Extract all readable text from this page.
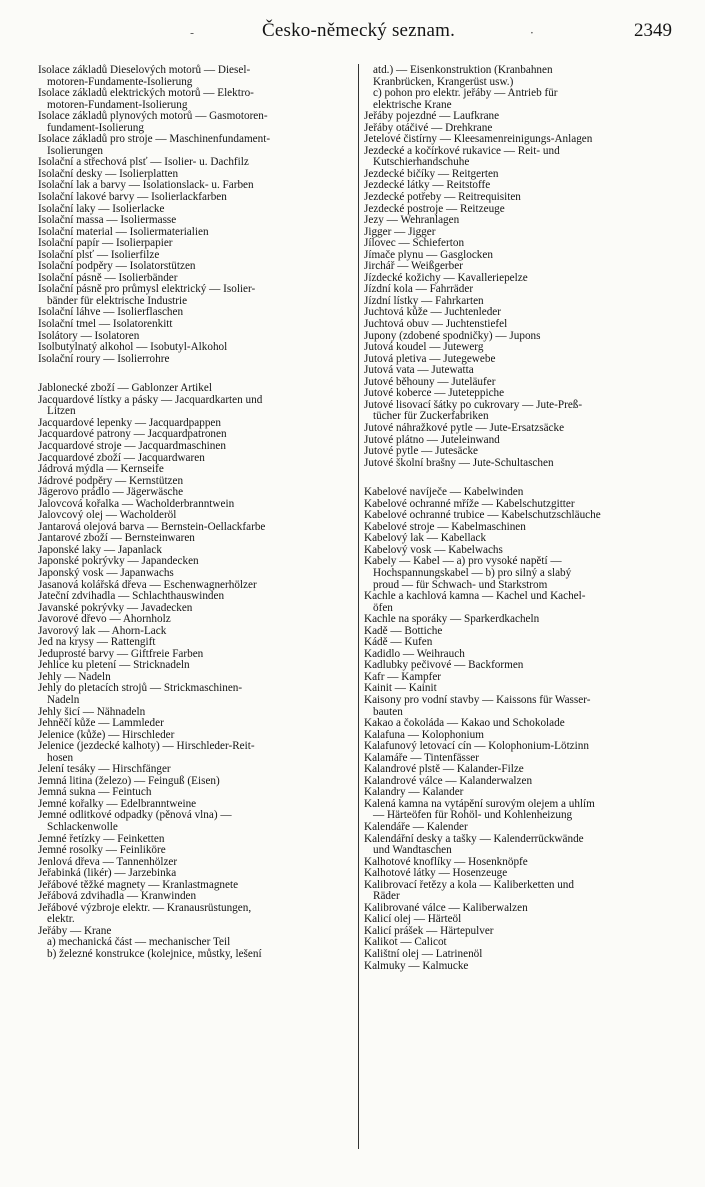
-	Česko-německý seznam.	·	2349
Isolace základů Dieselových motorů — Diesel-
motoren-Fundamente-Isolierung
Isolace základů elektrických motorů — Elektro-
motoren-Fundament-Isolierung
Isolace základů plynových motorů — Gasmotoren-
fundament-Isolierung
Isolace základů pro stroje — Maschinenfundament-
Isolierungen
Isolační a střechová plsť — Isolier- u. Dachfilz
Isolační desky — Isolierplatten
Isolační lak a barvy — Isolationslack- u. Farben
Isolační lakové barvy — Isolierlackfarben
Isolační laky — Isolierlacke
Isolační massa — Isoliermasse
Isolační material — Isoliermaterialien
Isolační papír — Isolierpapier
Isolační plsť — Isolierfilze
Isolační podpěry — Isolatorstützen
Isolační pásně — Isolierbänder
Isolační pásně pro průmysl elektrický — Isolier-
bänder für elektrische Industrie
Isolační láhve — Isolierflaschen
Isolační tmel — Isolatorenkitt
Isolátory — Isolatoren
Isolbutylnatý alkohol — Isobutyl-Alkohol
Isolační roury — Isolierrohre
Jablonecké zboží — Gablonzer Artikel
Jacquardové lístky a pásky — Jacquardkarten und
Litzen
Jacquardové lepenky — Jacquardpappen
Jacquardové patrony — Jacquardpatronen
Jacquardové stroje — Jacquardmaschinen
Jacquardové zboží — Jacquardwaren
Jádrová mýdla — Kernseife
Jádrové podpěry — Kernstützen
Jägerovo prádlo — Jägerwäsche
Jalovcová kořalka — Wacholderbranntwein
Jalovcový olej — Wacholderöl
Jantarová olejová barva — Bernstein-Oellackfarbe
Jantarové zboží — Bernsteinwaren
Japonské laky — Japanlack
Japonské pokrývky — Japandecken
Japonský vosk — Japanwachs
Jasanová kolářská dřeva — Eschenwagnerhölzer
Jateční zdvihadla — Schlachthauswinden
Javanské pokrývky — Javadecken
Javorové dřevo — Ahornholz
Javorový lak — Ahorn-Lack
Jed na krysy — Rattengift
Jeduprosté barvy — Giftfreie Farben
Jehlice ku pletení — Stricknadeln
Jehly — Nadeln
Jehly do pletacích strojů — Strickmaschinen-
Nadeln
Jehly šicí — Nähnadeln
Jehněčí kůže — Lammleder
Jelenice (kůže) — Hirschleder
Jelenice (jezdecké kalhoty) — Hirschleder-Reit-
hosen
Jelení tesáky — Hirschfänger
Jemná litina (železo) — Feinguß (Eisen)
Jemná sukna — Feintuch
Jemné kořalky — Edelbranntweine
Jemné odlitkové odpadky (pěnová vlna) —
Schlackenwolle
Jemné řetízky — Feinketten
Jemné rosolky — Feinliköre
Jenlová dřeva — Tannenhölzer
Jeřabinká (likér) — Jarzebinka
Jeřábové těžké magnety — Kranlastmagnete
Jeřábová zdvihadla — Kranwinden
Jeřábové výzbroje elektr. — Kranausrüstungen,
elektr.
Jeřáby — Krane
a) mechanická část — mechanischer Teil
b) železné konstrukce (kolejnice, můstky, lešení
atd.) — Eisenkonstruktion (Kranbahnen
Kranbrücken, Krangerüst usw.)
c) pohon pro elektr. jeřáby — Antrieb für
elektrische Krane
Jeřáby pojezdné — Laufkrane
Jeřáby otáčivé — Drehkrane
Jetelové čistírny — Kleesamenreinigungs-Anlagen
Jezdecké a kočírkové rukavice — Reit- und
Kutschierhandschuhe
Jezdecké bičíky — Reitgerten
Jezdecké látky — Reitstoffe
Jezdecké potřeby — Reitrequisiten
Jezdecké postroje — Reitzeuge
Jezy — Wehranlagen
Jigger — Jigger
Jílovec — Schieferton
Jímače plynu — Gasglocken
Jirchář — Weißgerber
Jízdecké kožichy — Kavalleriepelze
Jízdní kola — Fahrräder
Jízdní lístky — Fahrkarten
Juchtová kůže — Juchtenleder
Juchtová obuv — Juchtenstiefel
Jupony (zdobené spodničky) — Jupons
Jutová koudel — Jutewerg
Jutová pletiva — Jutegewebe
Jutová vata — Jutewatta
Jutové běhouny — Juteläufer
Jutové koberce — Juteteppiche
Jutové lisovací šátky po cukrovary — Jute-Preß-
tücher für Zuckerfabriken
Jutové náhražkové pytle — Jute-Ersatzsäcke
Jutové plátno — Juteleinwand
Jutové pytle — Jutesäcke
Jutové školní brašny — Jute-Schultaschen
Kabelové navíječe — Kabelwinden
Kabelové ochranné mříže — Kabelschutzgitter
Kabelové ochranné trubice — Kabelschutzschläuche
Kabelové stroje — Kabelmaschinen
Kabelový lak — Kabellack
Kabelový vosk — Kabelwachs
Kabely — Kabel — a) pro vysoké napětí —
Hochspannungskabel — b) pro silný a slabý
proud — für Schwach- und Starkstrom
Kachle a kachlová kamna — Kachel und Kachel-
öfen
Kachle na sporáky — Sparkerdkacheln
Kadě — Bottiche
Kádě — Kufen
Kadidlo — Weihrauch
Kadlubky pečivové — Backformen
Kafr — Kampfer
Kainit — Kainit
Kaisony pro vodní stavby — Kaissons für Wasser-
bauten
Kakao a čokoláda — Kakao und Schokolade
Kalafuna — Kolophonium
Kalafunový letovací cín — Kolophonium-Lötzinn
Kalamáře — Tintenfässer
Kalandrové plstě — Kalander-Filze
Kalandrové válce — Kalanderwalzen
Kalandry — Kalander
Kalená kamna na vytápění surovým olejem a uhlím
— Härteöfen für Rohöl- und Kohlenheizung
Kalendáře — Kalender
Kalendářní desky a tašky — Kalenderrückwände
und Wandtaschen
Kalhotové knoflíky — Hosenknöpfe
Kalhotové látky — Hosenzeuge
Kalibrovací řetězy a kola — Kaliberketten und
Räder
Kalibrované válce — Kaliberwalzen
Kalicí olej — Härteöl
Kalicí prášek — Härtepulver
Kalikot — Calicot
Kalištní olej — Latrinenöl
Kalmuky — Kalmucke
